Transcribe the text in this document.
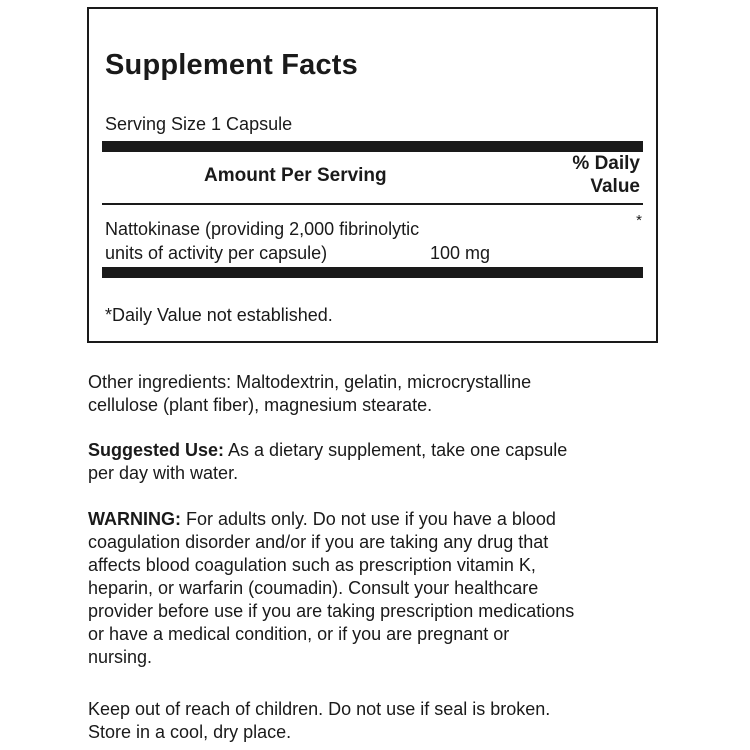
Supplement Facts
Serving Size 1 Capsule
Amount Per Serving
% Daily
Value
Nattokinase (providing 2,000 fibrinolytic
units of activity per capsule)	100 mg
*
*Daily Value not established.
Other ingredients: Maltodextrin, gelatin, microcrystalline
cellulose (plant fiber), magnesium stearate.
Suggested Use: As a dietary supplement, take one capsule
per day with water.
WARNING: For adults only. Do not use if you have a blood
coagulation disorder and/or if you are taking any drug that
affects blood coagulation such as prescription vitamin K,
heparin, or warfarin (coumadin). Consult your healthcare
provider before use if you are taking prescription medications
or have a medical condition, or if you are pregnant or
nursing.
Keep out of reach of children. Do not use if seal is broken.
Store in a cool, dry place.
